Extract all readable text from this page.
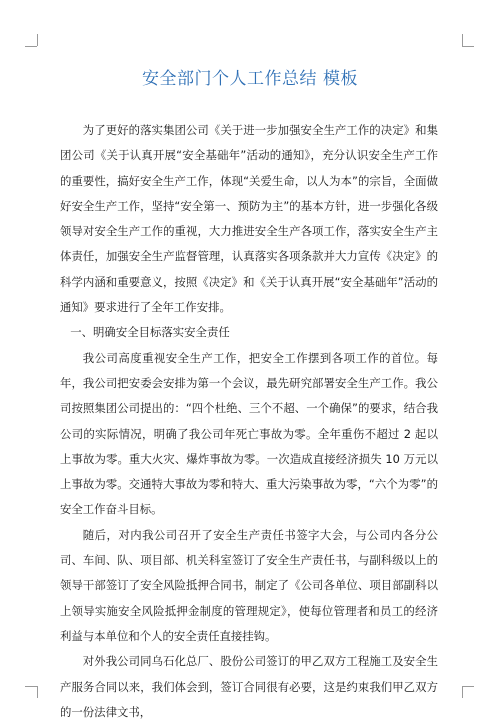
安全部门个人工作总结 模板

为了更好的落实集团公司《关于进一步加强安全生产工作的决定》和集团公司《关于认真开展“安全基础年”活动的通知》，充分认识安全生产工作的重要性，搞好安全生产工作，体现“关爱生命，以人为本”的宗旨，全面做好安全生产工作，坚持“安全第一、预防为主”的基本方针，进一步强化各级领导对安全生产工作的重视，大力推进安全生产各项工作，落实安全生产主体责任，加强安全生产监督管理，认真落实各项条款并大力宣传《决定》的科学内涵和重要意义，按照《决定》和《关于认真开展“安全基础年”活动的通知》要求进行了全年工作安排。

一、明确安全目标落实安全责任

我公司高度重视安全生产工作，把安全工作摆到各项工作的首位。每年，我公司把安委会安排为第一个会议，最先研究部署安全生产工作。我公司按照集团公司提出的：“四个杜绝、三个不超、一个确保”的要求，结合我公司的实际情况，明确了我公司年死亡事故为零。全年重伤不超过 2 起以上事故为零。重大火灾、爆炸事故为零。一次造成直接经济损失 10 万元以上事故为零。交通特大事故为零和特大、重大污染事故为零，“六个为零”的安全工作奋斗目标。

随后，对内我公司召开了安全生产责任书签字大会，与公司内各分公司、车间、队、项目部、机关科室签订了安全生产责任书，与副科级以上的领导干部签订了安全风险抵押合同书，制定了《公司各单位、项目部副科以上领导实施安全风险抵押金制度的管理规定》，使每位管理者和员工的经济利益与本单位和个人的安全责任直接挂钩。

对外我公司同乌石化总厂、股份公司签订的甲乙双方工程施工及安全生产服务合同以来，我们体会到，签订合同很有必要，这是约束我们甲乙双方的一份法律文书，
